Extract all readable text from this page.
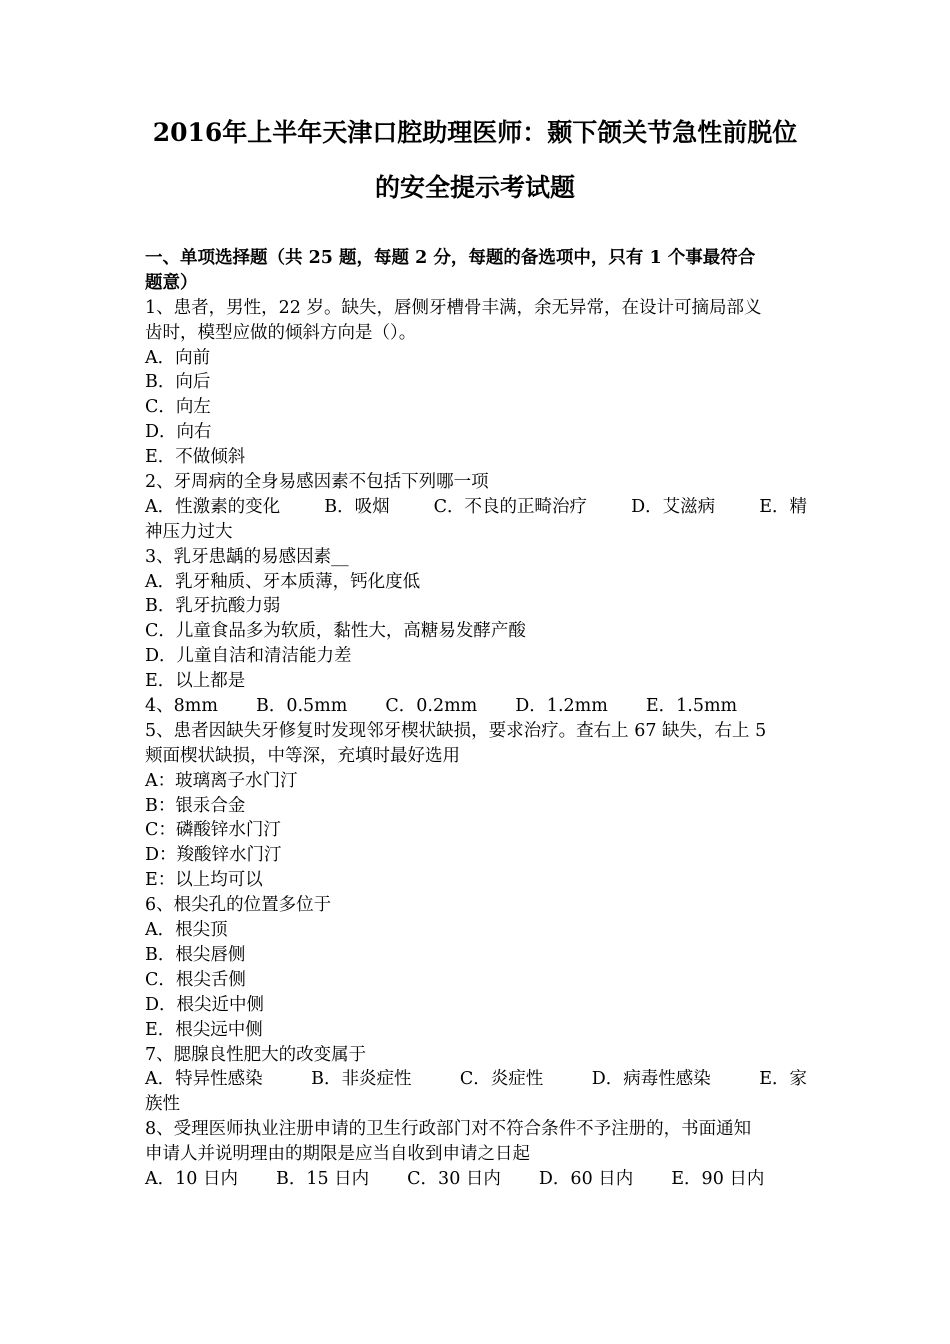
2016年上半年天津口腔助理医师：颞下颌关节急性前脱位
的安全提示考试题
一、单项选择题（共 25 题，每题 2 分，每题的备选项中，只有 1 个事最符合
题意）
1、患者，男性，22 岁。缺失，唇侧牙槽骨丰满，余无异常，在设计可摘局部义
齿时，模型应做的倾斜方向是（）。
A．向前
B．向后
C．向左
D．向右
E．不做倾斜
2、牙周病的全身易感因素不包括下列哪一项
A．性激素的变化	B．吸烟	C．不良的正畸治疗	D．艾滋病	E．精
神压力过大
3、乳牙患龋的易感因素__
A．乳牙釉质、牙本质薄，钙化度低
B．乳牙抗酸力弱
C．儿童食品多为软质，黏性大，高糖易发酵产酸
D．儿童自洁和清洁能力差
E．以上都是
4、8mm B．0.5mm C．0.2mm D．1.2mm E．1.5mm
5、患者因缺失牙修复时发现邻牙楔状缺损，要求治疗。查右上 67 缺失，右上 5
颊面楔状缺损，中等深，充填时最好选用
A：玻璃离子水门汀
B：银汞合金
C：磷酸锌水门汀
D：羧酸锌水门汀
E：以上均可以
6、根尖孔的位置多位于
A．根尖顶
B．根尖唇侧
C．根尖舌侧
D．根尖近中侧
E．根尖远中侧
7、腮腺良性肥大的改变属于
A．特异性感染	B．非炎症性	C．炎症性	D．病毒性感染	E．家
族性
8、受理医师执业注册申请的卫生行政部门对不符合条件不予注册的，书面通知
申请人并说明理由的期限是应当自收到申请之日起
A．10 日内 B．15 日内 C．30 日内 D．60 日内 E．90 日内
